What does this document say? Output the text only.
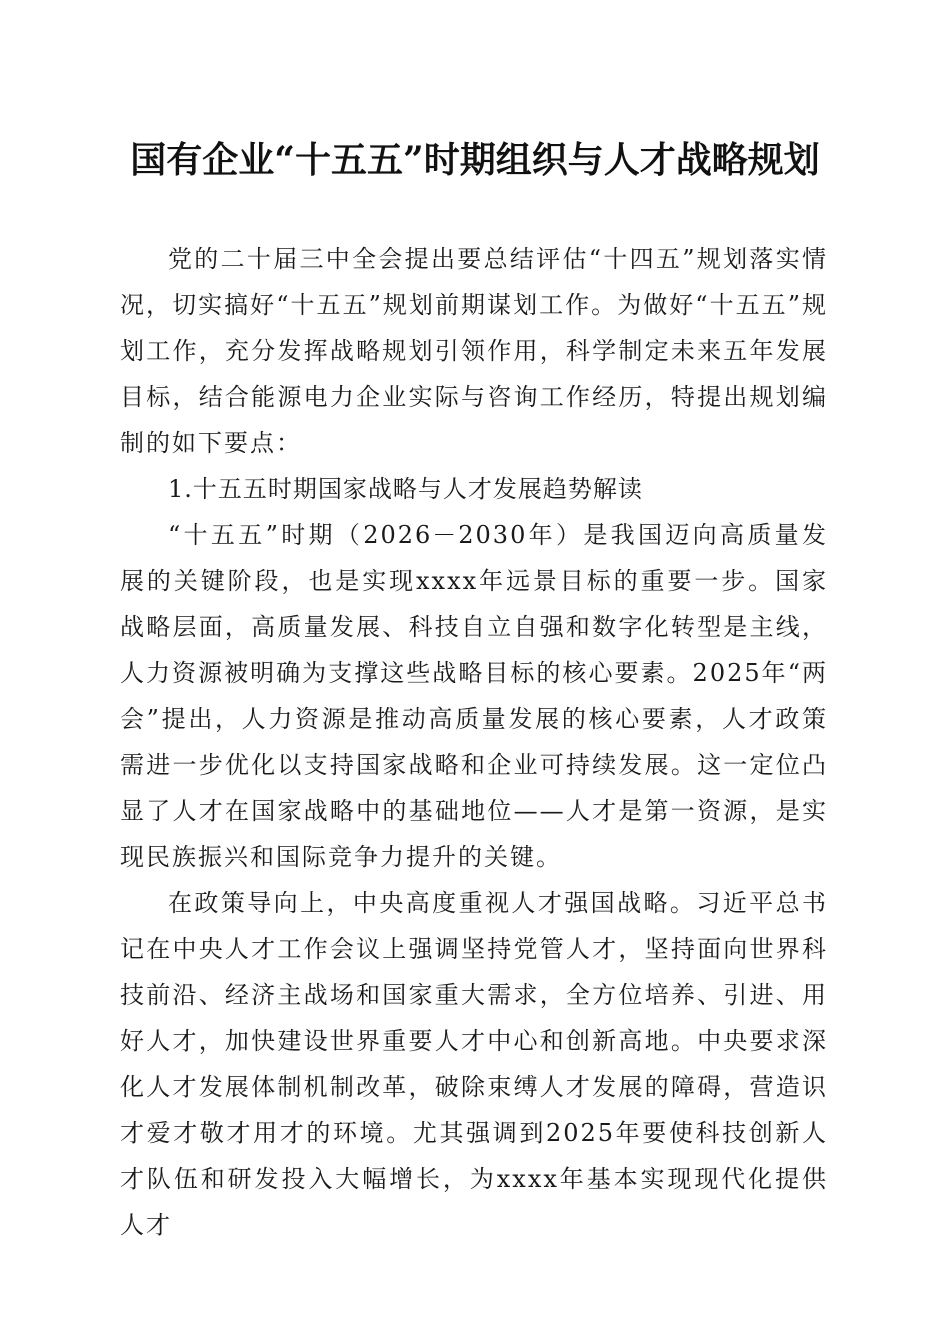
国有企业“十五五”时期组织与人才战略规划

党的二十届三中全会提出要总结评估“十四五”规划落实情况，切实搞好“十五五”规划前期谋划工作。为做好“十五五”规划工作，充分发挥战略规划引领作用，科学制定未来五年发展目标，结合能源电力企业实际与咨询工作经历，特提出规划编制的如下要点：

1.十五五时期国家战略与人才发展趋势解读

“十五五”时期（2026－2030年）是我国迈向高质量发展的关键阶段，也是实现xxxx年远景目标的重要一步。国家战略层面，高质量发展、科技自立自强和数字化转型是主线，人力资源被明确为支撑这些战略目标的核心要素。2025年“两会”提出，人力资源是推动高质量发展的核心要素，人才政策需进一步优化以支持国家战略和企业可持续发展。这一定位凸显了人才在国家战略中的基础地位——人才是第一资源，是实现民族振兴和国际竞争力提升的关键。

在政策导向上，中央高度重视人才强国战略。习近平总书记在中央人才工作会议上强调坚持党管人才，坚持面向世界科技前沿、经济主战场和国家重大需求，全方位培养、引进、用好人才，加快建设世界重要人才中心和创新高地。中央要求深化人才发展体制机制改革，破除束缚人才发展的障碍，营造识才爱才敬才用才的环境。尤其强调到2025年要使科技创新人才队伍和研发投入大幅增长，为xxxx年基本实现现代化提供人才
